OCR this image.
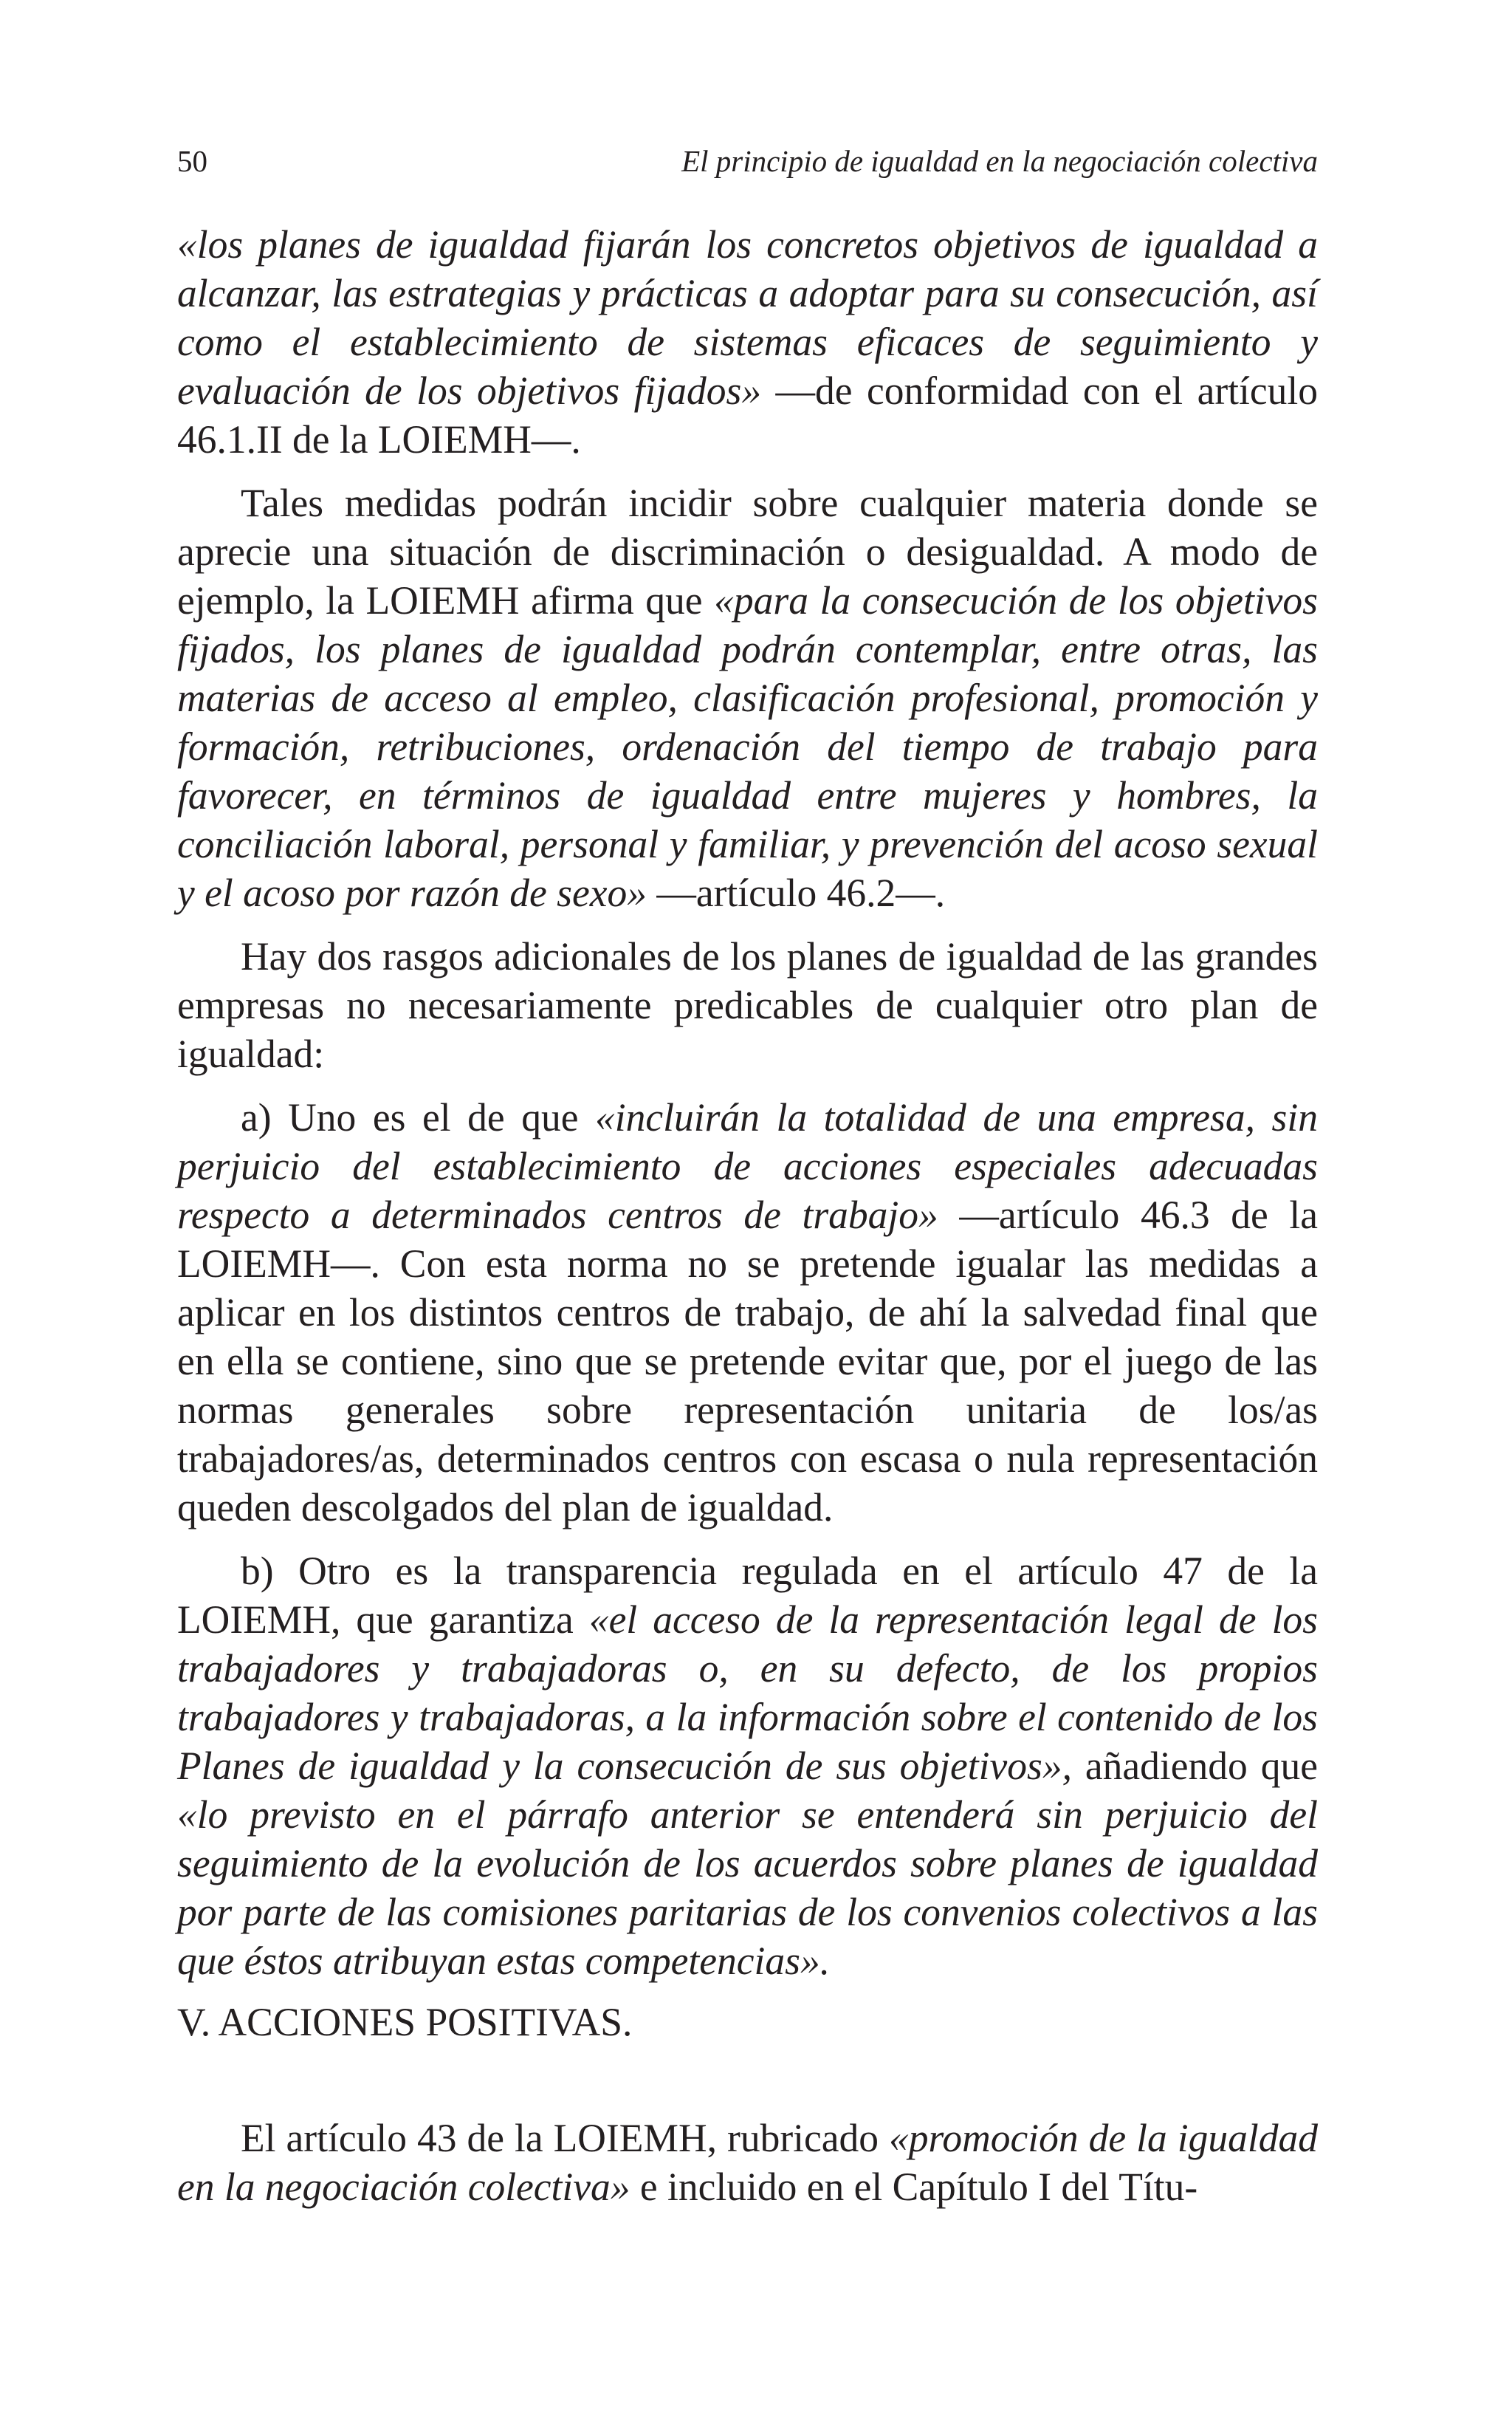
50	El principio de igualdad en la negociación colectiva

«los planes de igualdad fijarán los concretos objetivos de igualdad a alcanzar, las estrategias y prácticas a adoptar para su consecución, así como el establecimiento de sistemas eficaces de seguimiento y evaluación de los objetivos fijados» —de conformidad con el artículo 46.1.II de la LOIEMH—.

Tales medidas podrán incidir sobre cualquier materia donde se aprecie una situación de discriminación o desigualdad. A modo de ejemplo, la LOIEMH afirma que «para la consecución de los objetivos fijados, los planes de igualdad podrán contemplar, entre otras, las materias de acceso al empleo, clasificación profesional, promoción y formación, retribuciones, ordenación del tiempo de trabajo para favorecer, en términos de igualdad entre mujeres y hombres, la conciliación laboral, personal y familiar, y prevención del acoso sexual y el acoso por razón de sexo» —artículo 46.2—.

Hay dos rasgos adicionales de los planes de igualdad de las grandes empresas no necesariamente predicables de cualquier otro plan de igualdad:

a) Uno es el de que «incluirán la totalidad de una empresa, sin perjuicio del establecimiento de acciones especiales adecuadas respecto a determinados centros de trabajo» —artículo 46.3 de la LOIEMH—. Con esta norma no se pretende igualar las medidas a aplicar en los distintos centros de trabajo, de ahí la salvedad final que en ella se contiene, sino que se pretende evitar que, por el juego de las normas generales sobre representación unitaria de los/as trabajadores/as, determinados centros con escasa o nula representación queden descolgados del plan de igualdad.

b) Otro es la transparencia regulada en el artículo 47 de la LOIEMH, que garantiza «el acceso de la representación legal de los trabajadores y trabajadoras o, en su defecto, de los propios trabajadores y trabajadoras, a la información sobre el contenido de los Planes de igualdad y la consecución de sus objetivos», añadiendo que «lo previsto en el párrafo anterior se entenderá sin perjuicio del seguimiento de la evolución de los acuerdos sobre planes de igualdad por parte de las comisiones paritarias de los convenios colectivos a las que éstos atribuyan estas competencias».

V. ACCIONES POSITIVAS.

El artículo 43 de la LOIEMH, rubricado «promoción de la igualdad en la negociación colectiva» e incluido en el Capítulo I del Títu-
